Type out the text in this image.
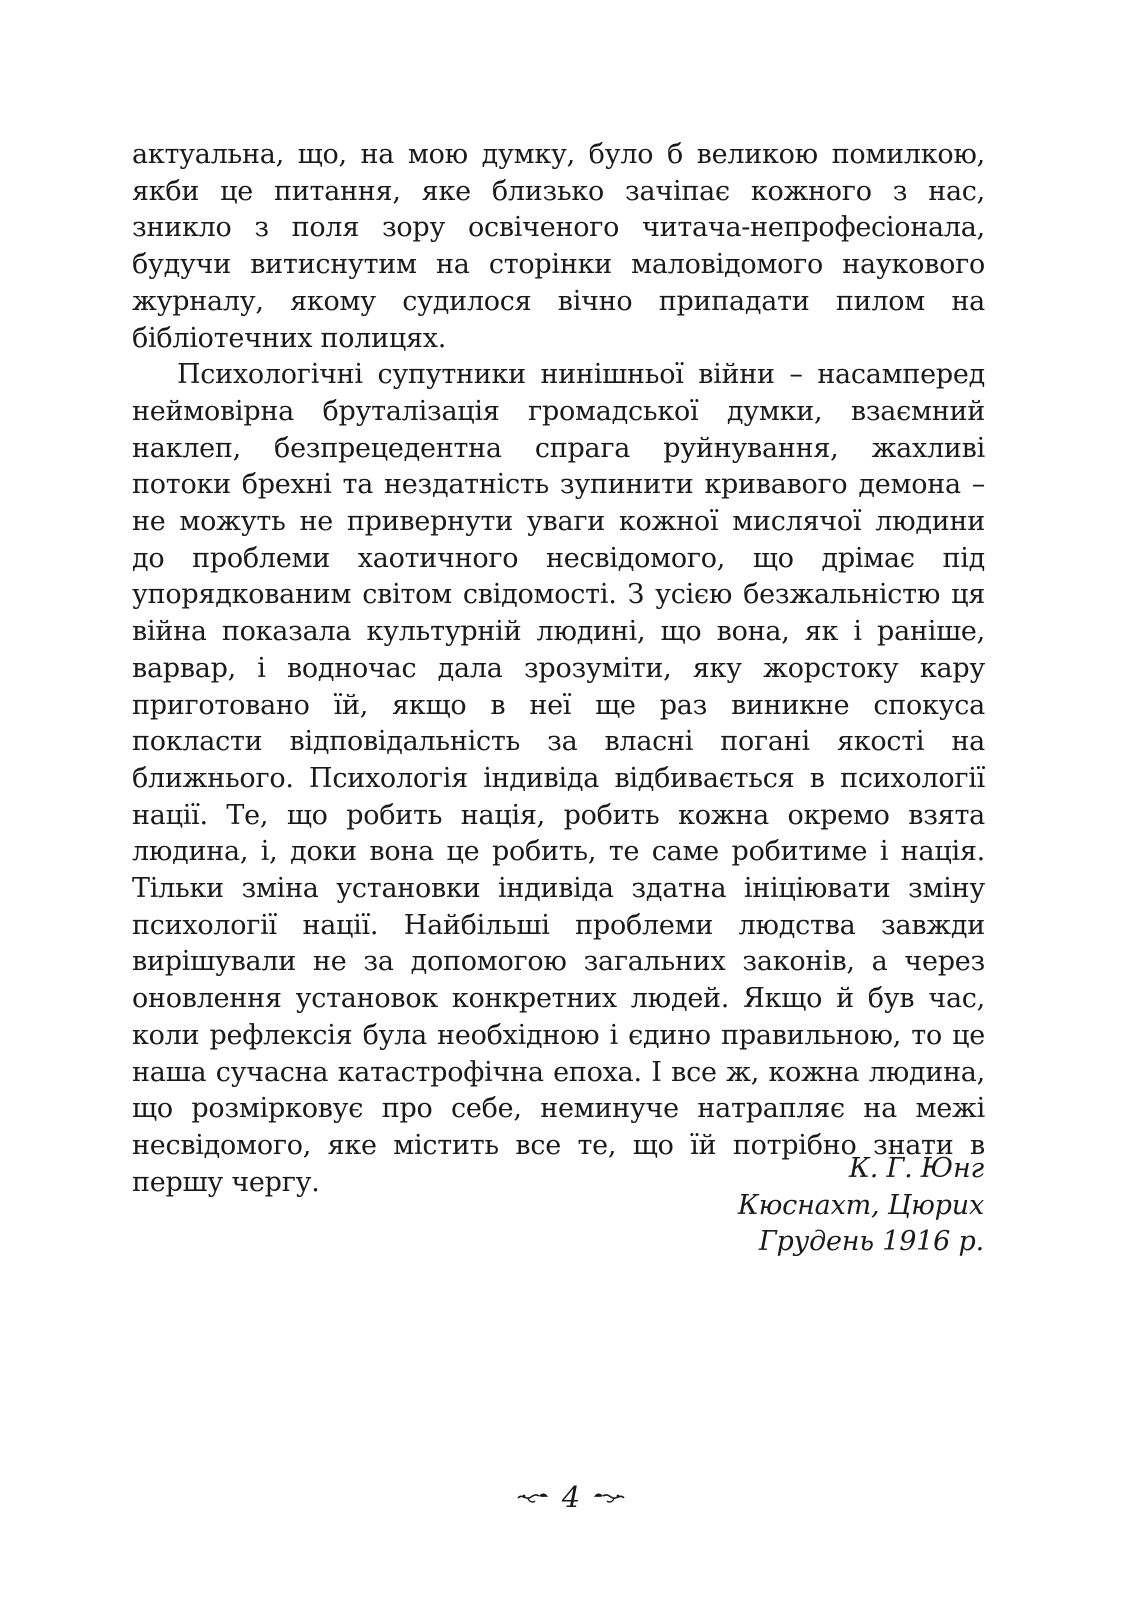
актуальна, що, на мою думку, було б великою помилкою, якби це питання, яке близько зачіпає кожного з нас, зникло з поля зору освіченого читача-непрофесіонала, будучи витиснутим на сторінки маловідомого наукового журналу, якому судилося вічно припадати пилом на бібліотечних полицях.

Психологічні супутники нинішньої війни – насамперед неймовірна бруталізація громадської думки, взаємний наклеп, безпрецедентна спрага руйнування, жахливі потоки брехні та нездатність зупинити кривавого демона – не можуть не привернути уваги кожної мислячої людини до проблеми хаотичного несвідомого, що дрімає під упорядкованим світом свідомості. З усією безжальністю ця війна показала культурній людині, що вона, як і раніше, варвар, і водночас дала зрозуміти, яку жорстоку кару приготовано їй, якщо в неї ще раз виникне спокуса покласти відповідальність за власні погані якості на ближнього. Психологія індивіда відбивається в психології нації. Те, що робить нація, робить кожна окремо взята людина, і, доки вона це робить, те саме робитиме і нація. Тільки зміна установки індивіда здатна ініціювати зміну психології нації. Найбільші проблеми людства завжди вирішували не за допомогою загальних законів, а через оновлення установок конкретних людей. Якщо й був час, коли рефлексія була необхідною і єдино правильною, то це наша сучасна катастрофічна епоха. І все ж, кожна людина, що розмірковує про себе, неминуче натрапляє на межі несвідомого, яке містить все те, що їй потрібно знати в першу чергу.	К. Г. Юнг
Кюснахт, Цюрих
Грудень 1916 р.
4
